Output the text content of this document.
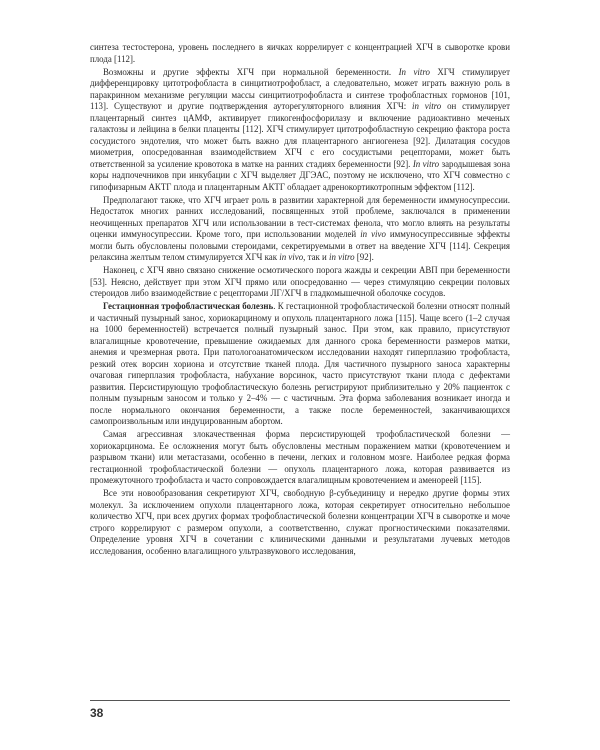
синтеза тестостерона, уровень последнего в яичках коррелирует с концентрацией ХГЧ в сыворотке крови плода [112].

Возможны и другие эффекты ХГЧ при нормальной беременности. In vitro ХГЧ стимулирует дифференцировку цитотрофобласта в синцитиотрофобласт, а следовательно, может играть важную роль в паракринном механизме регуляции массы синцитиотрофобласта и синтезе трофобластных гормонов [101, 113]. Существуют и другие подтверждения ауторегуляторного влияния ХГЧ: in vitro он стимулирует плацентарный синтез цАМФ, активирует гликогенфосфорилазу и включение радиоактивно меченых галактозы и лейцина в белки плаценты [112]. ХГЧ стимулирует цитотрофобластную секрецию фактора роста сосудистого эндотелия, что может быть важно для плацентарного ангиогенеза [92]. Дилатация сосудов миометрия, опосредованная взаимодействием ХГЧ с его сосудистыми рецепторами, может быть ответственной за усиление кровотока в матке на ранних стадиях беременности [92]. In vitro зародышевая зона коры надпочечников при инкубации с ХГЧ выделяет ДГЭАС, поэтому не исключено, что ХГЧ совместно с гипофизарным АКТГ плода и плацентарным АКТГ обладает адренокортикотропным эффектом [112].

Предполагают также, что ХГЧ играет роль в развитии характерной для беременности иммуносупрессии. Недостаток многих ранних исследований, посвященных этой проблеме, заключался в применении неочищенных препаратов ХГЧ или использовании в тест-системах фенола, что могло влиять на результаты оценки иммуносупрессии. Кроме того, при использовании моделей in vivo иммуносупрессивные эффекты могли быть обусловлены половыми стероидами, секретируемыми в ответ на введение ХГЧ [114]. Секреция релаксина желтым телом стимулируется ХГЧ как in vivo, так и in vitro [92].

Наконец, с ХГЧ явно связано снижение осмотического порога жажды и секреции АВП при беременности [53]. Неясно, действует при этом ХГЧ прямо или опосредованно — через стимуляцию секреции половых стероидов либо взаимодействие с рецепторами ЛГ/ХГЧ в гладкомышечной оболочке сосудов.

Гестационная трофобластическая болезнь. К гестационной трофобластической болезни относят полный и частичный пузырный занос, хориокарциному и опухоль плацентарного ложа [115]. Чаще всего (1–2 случая на 1000 беременностей) встречается полный пузырный занос. При этом, как правило, присутствуют влагалищные кровотечение, превышение ожидаемых для данного срока беременности размеров матки, анемия и чрезмерная рвота. При патологоанатомическом исследовании находят гиперплазию трофобласта, резкий отек ворсин хориона и отсутствие тканей плода. Для частичного пузырного заноса характерны очаговая гиперплазия трофобласта, набухание ворсинок, часто присутствуют ткани плода с дефектами развития. Персистирующую трофобластическую болезнь регистрируют приблизительно у 20% пациенток с полным пузырным заносом и только у 2–4% — с частичным. Эта форма заболевания возникает иногда и после нормального окончания беременности, а также после беременностей, заканчивающихся самопроизвольным или индуцированным абортом.

Самая агрессивная злокачественная форма персистирующей трофобластической болезни — хориокарцинома. Ее осложнения могут быть обусловлены местным поражением матки (кровотечением и разрывом ткани) или метастазами, особенно в печени, легких и головном мозге. Наиболее редкая форма гестационной трофобластической болезни — опухоль плацентарного ложа, которая развивается из промежуточного трофобласта и часто сопровождается влагалищным кровотечением и аменореей [115].

Все эти новообразования секретируют ХГЧ, свободную β-субъединицу и нередко другие формы этих молекул. За исключением опухоли плацентарного ложа, которая секретирует относительно небольшое количество ХГЧ, при всех других формах трофобластической болезни концентрации ХГЧ в сыворотке и моче строго коррелируют с размером опухоли, а соответственно, служат прогностическими показателями. Определение уровня ХГЧ в сочетании с клиническими данными и результатами лучевых методов исследования, особенно влагалищного ультразвукового исследования,

38
